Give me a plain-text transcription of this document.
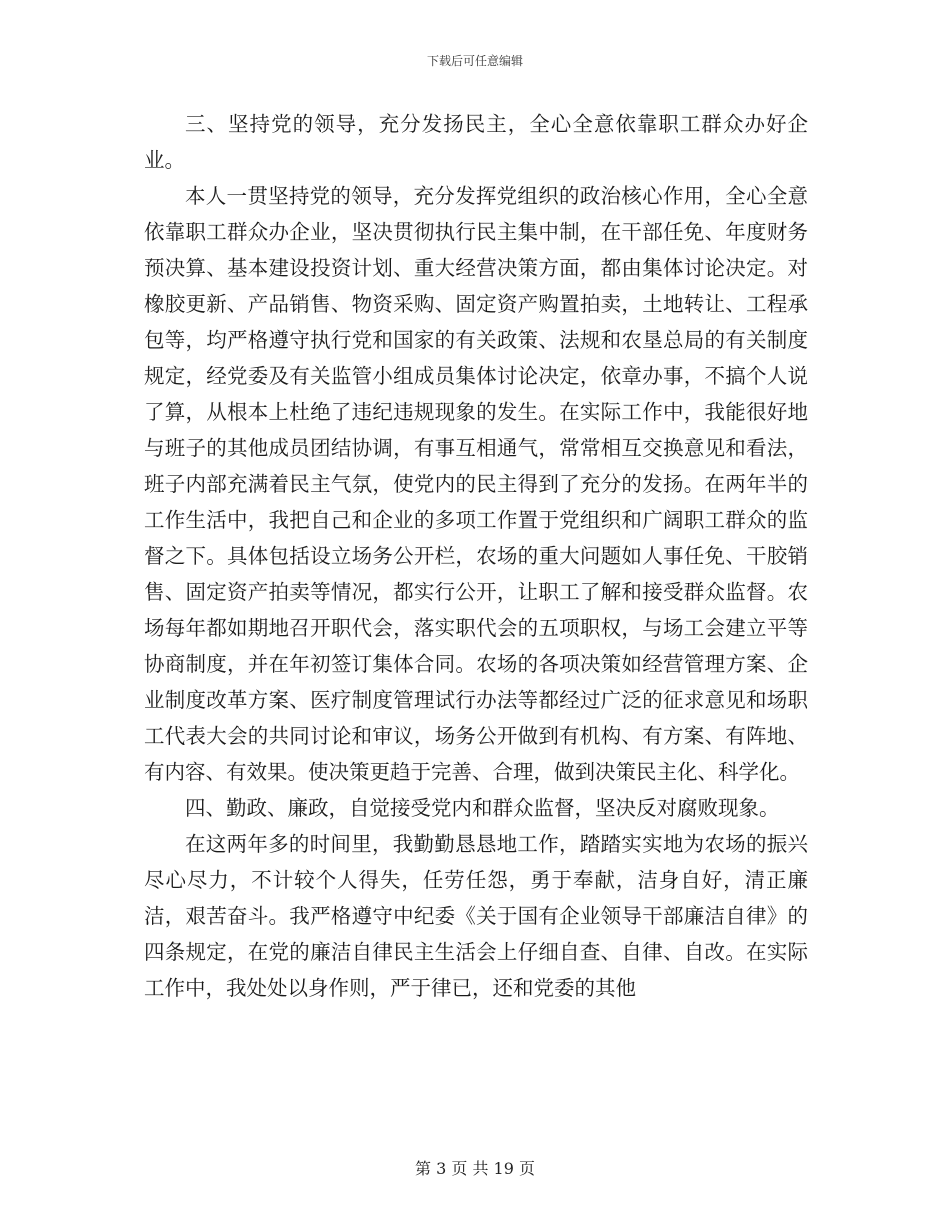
下载后可任意编辑

三、坚持党的领导，充分发扬民主，全心全意依靠职工群众办好企业。

本人一贯坚持党的领导，充分发挥党组织的政治核心作用，全心全意依靠职工群众办企业，坚决贯彻执行民主集中制，在干部任免、年度财务预决算、基本建设投资计划、重大经营决策方面，都由集体讨论决定。对橡胶更新、产品销售、物资采购、固定资产购置拍卖，土地转让、工程承包等，均严格遵守执行党和国家的有关政策、法规和农垦总局的有关制度规定，经党委及有关监管小组成员集体讨论决定，依章办事，不搞个人说了算，从根本上杜绝了违纪违规现象的发生。在实际工作中，我能很好地与班子的其他成员团结协调，有事互相通气，常常相互交换意见和看法，班子内部充满着民主气氛，使党内的民主得到了充分的发扬。在两年半的工作生活中，我把自己和企业的多项工作置于党组织和广阔职工群众的监督之下。具体包括设立场务公开栏，农场的重大问题如人事任免、干胶销售、固定资产拍卖等情况，都实行公开，让职工了解和接受群众监督。农场每年都如期地召开职代会，落实职代会的五项职权，与场工会建立平等协商制度，并在年初签订集体合同。农场的各项决策如经营管理方案、企业制度改革方案、医疗制度管理试行办法等都经过广泛的征求意见和场职工代表大会的共同讨论和审议，场务公开做到有机构、有方案、有阵地、有内容、有效果。使决策更趋于完善、合理，做到决策民主化、科学化。

四、勤政、廉政，自觉接受党内和群众监督，坚决反对腐败现象。

在这两年多的时间里，我勤勤恳恳地工作，踏踏实实地为农场的振兴尽心尽力，不计较个人得失，任劳任怨，勇于奉献，洁身自好，清正廉洁，艰苦奋斗。我严格遵守中纪委《关于国有企业领导干部廉洁自律》的四条规定，在党的廉洁自律民主生活会上仔细自查、自律、自改。在实际工作中，我处处以身作则，严于律已，还和党委的其他

第 3 页 共 19 页
